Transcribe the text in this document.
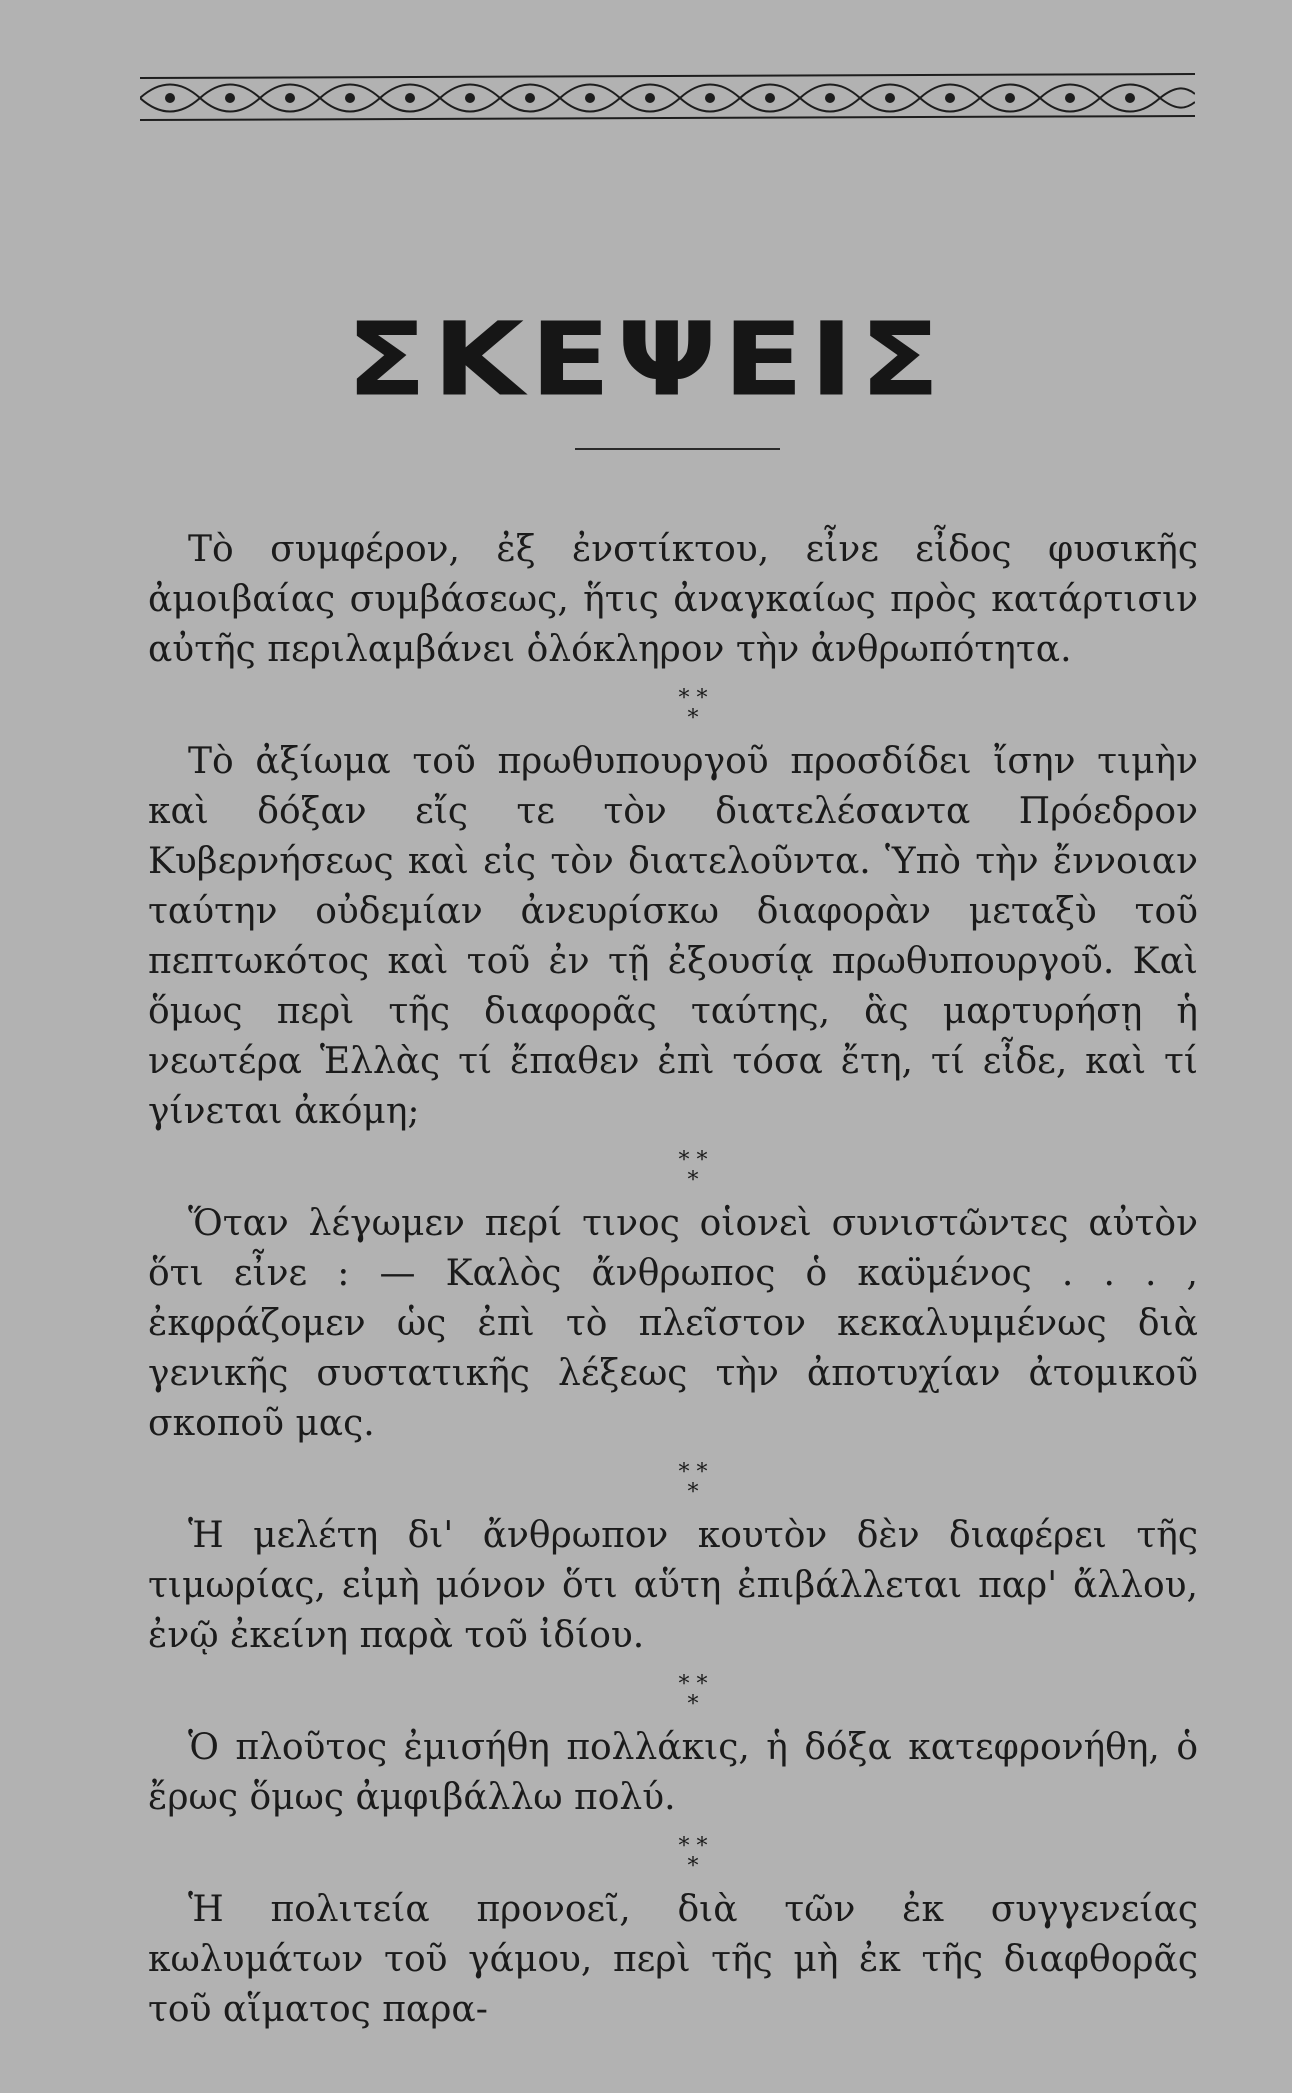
ΣΚΕΨΕΙΣ

Τὸ συμφέρον, ἐξ ἐνστίκτου, εἶνε εἶδος φυσικῆς ἀμοιβαίας συμβάσεως, ἥτις ἀναγκαίως πρὸς κατάρτισιν αὐτῆς περιλαμβάνει ὁλόκληρον τὴν ἀνθρωπότητα.

* *
*

Τὸ ἀξίωμα τοῦ πρωθυπουργοῦ προσδίδει ἴσην τιμὴν καὶ δόξαν εἴς τε τὸν διατελέσαντα Πρόεδρον Κυβερνήσεως καὶ εἰς τὸν διατελοῦντα. Ὑπὸ τὴν ἔννοιαν ταύτην οὐδεμίαν ἀνευρίσκω διαφορὰν μεταξὺ τοῦ πεπτωκότος καὶ τοῦ ἐν τῇ ἐξουσίᾳ πρωθυπουργοῦ. Καὶ ὅμως περὶ τῆς διαφορᾶς ταύτης, ἃς μαρτυρήσῃ ἡ νεωτέρα Ἑλλὰς τί ἔπαθεν ἐπὶ τόσα ἔτη, τί εἶδε, καὶ τί γίνεται ἀκόμη;

* *
*

Ὅταν λέγωμεν περί τινος οἱονεὶ συνιστῶντες αὐτὸν ὅτι εἶνε : — Καλὸς ἄνθρωπος ὁ καϋμένος . . . , ἐκφράζομεν ὡς ἐπὶ τὸ πλεῖστον κεκαλυμμένως διὰ γενικῆς συστατικῆς λέξεως τὴν ἀποτυχίαν ἀτομικοῦ σκοποῦ μας.

* *
*

Ἡ μελέτη δι' ἄνθρωπον κουτὸν δὲν διαφέρει τῆς τιμωρίας, εἰμὴ μόνον ὅτι αὕτη ἐπιβάλλεται παρ' ἄλλου, ἐνῷ ἐκείνη παρὰ τοῦ ἰδίου.

* *
*

Ὁ πλοῦτος ἐμισήθη πολλάκις, ἡ δόξα κατεφρονήθη, ὁ ἔρως ὅμως ἀμφιβάλλω πολύ.

* *
*

Ἡ πολιτεία προνοεῖ, διὰ τῶν ἐκ συγγενείας κωλυμάτων τοῦ γάμου, περὶ τῆς μὴ ἐκ τῆς διαφθορᾶς τοῦ αἵματος παρα-
